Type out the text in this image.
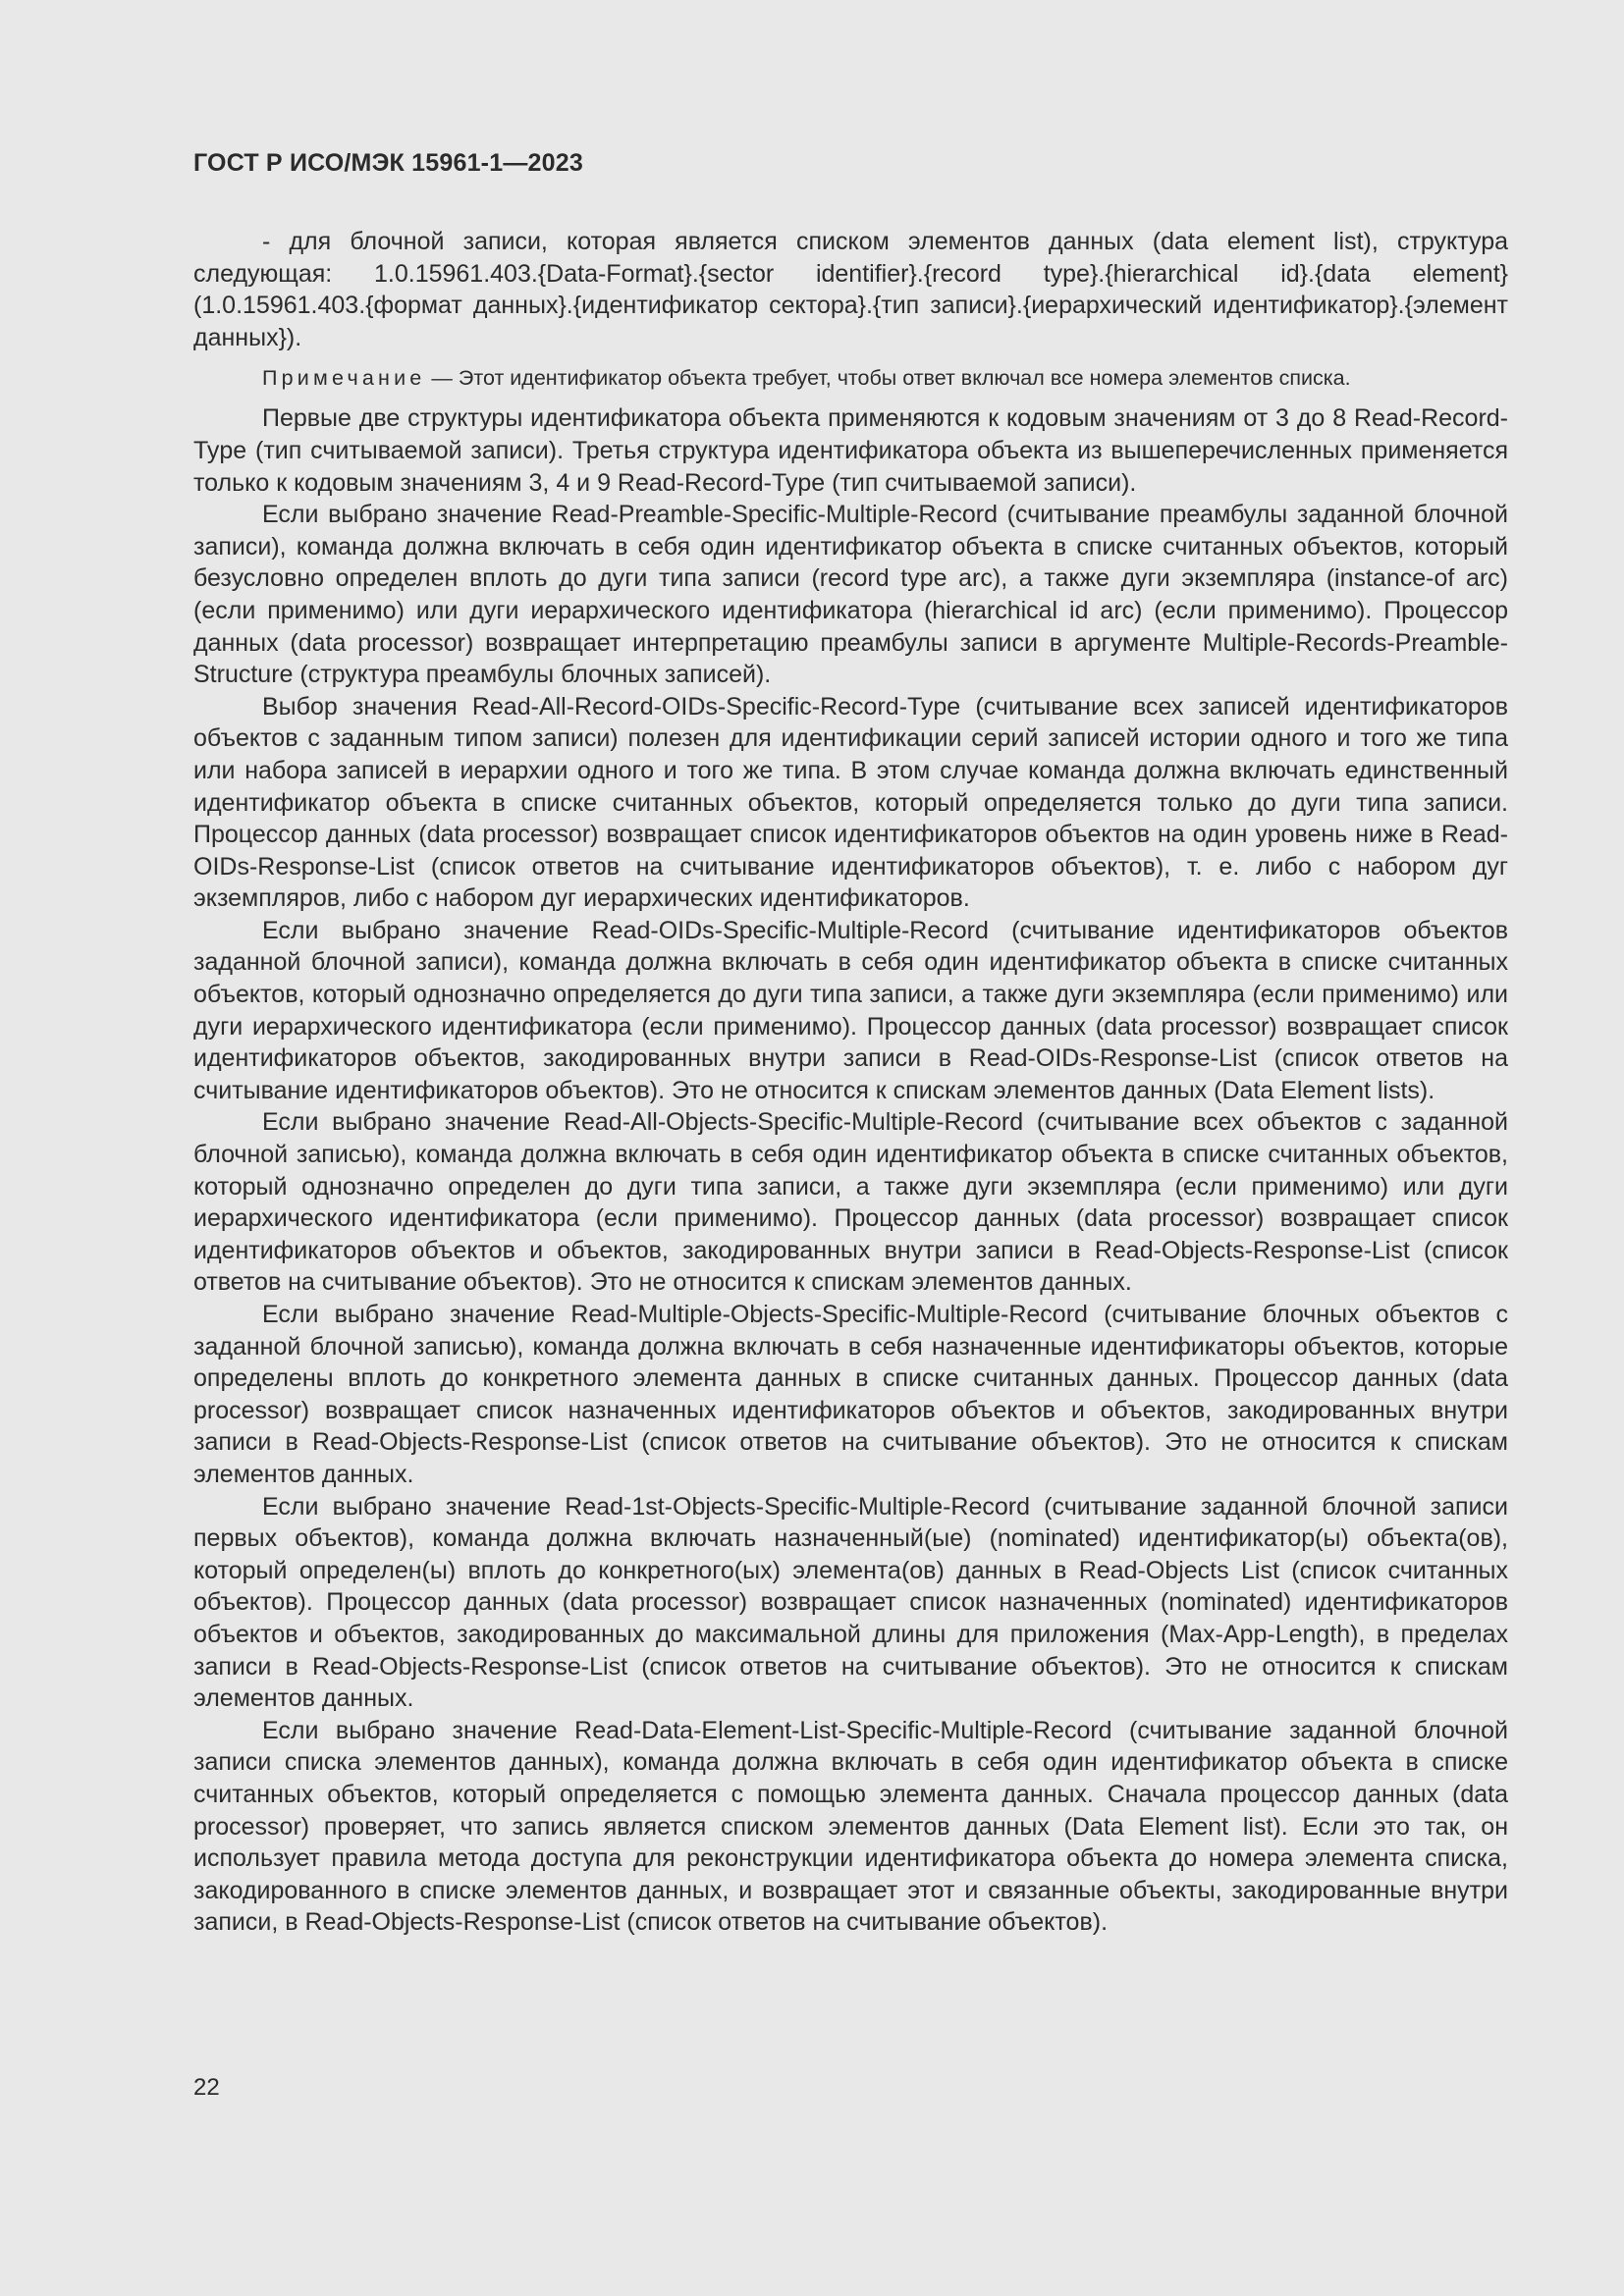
ГОСТ Р ИСО/МЭК 15961-1—2023

- для блочной записи, которая является списком элементов данных (data element list), структура следующая: 1.0.15961.403.{Data-Format}.{sector identifier}.{record type}.{hierarchical id}.{data element} (1.0.15961.403.{формат данных}.{идентификатор сектора}.{тип записи}.{иерархический идентификатор}.{элемент данных}).

Примечание — Этот идентификатор объекта требует, чтобы ответ включал все номера элементов списка.

Первые две структуры идентификатора объекта применяются к кодовым значениям от 3 до 8 Read-Record-Type (тип считываемой записи). Третья структура идентификатора объекта из вышеперечисленных применяется только к кодовым значениям 3, 4 и 9 Read-Record-Type (тип считываемой записи).

Если выбрано значение Read-Preamble-Specific-Multiple-Record (считывание преамбулы заданной блочной записи), команда должна включать в себя один идентификатор объекта в списке считанных объектов, который безусловно определен вплоть до дуги типа записи (record type arc), а также дуги экземпляра (instance-of arc) (если применимо) или дуги иерархического идентификатора (hierarchical id arc) (если применимо). Процессор данных (data processor) возвращает интерпретацию преамбулы записи в аргументе Multiple-Records-Preamble-Structure (структура преамбулы блочных записей).

Выбор значения Read-All-Record-OIDs-Specific-Record-Type (считывание всех записей идентификаторов объектов с заданным типом записи) полезен для идентификации серий записей истории одного и того же типа или набора записей в иерархии одного и того же типа. В этом случае команда должна включать единственный идентификатор объекта в списке считанных объектов, который определяется только до дуги типа записи. Процессор данных (data processor) возвращает список идентификаторов объектов на один уровень ниже в Read-OIDs-Response-List (список ответов на считывание идентификаторов объектов), т. е. либо с набором дуг экземпляров, либо с набором дуг иерархических идентификаторов.

Если выбрано значение Read-OIDs-Specific-Multiple-Record (считывание идентификаторов объектов заданной блочной записи), команда должна включать в себя один идентификатор объекта в списке считанных объектов, который однозначно определяется до дуги типа записи, а также дуги экземпляра (если применимо) или дуги иерархического идентификатора (если применимо). Процессор данных (data processor) возвращает список идентификаторов объектов, закодированных внутри записи в Read-OIDs-Response-List (список ответов на считывание идентификаторов объектов). Это не относится к спискам элементов данных (Data Element lists).

Если выбрано значение Read-All-Objects-Specific-Multiple-Record (считывание всех объектов с заданной блочной записью), команда должна включать в себя один идентификатор объекта в списке считанных объектов, который однозначно определен до дуги типа записи, а также дуги экземпляра (если применимо) или дуги иерархического идентификатора (если применимо). Процессор данных (data processor) возвращает список идентификаторов объектов и объектов, закодированных внутри записи в Read-Objects-Response-List (список ответов на считывание объектов). Это не относится к спискам элементов данных.

Если выбрано значение Read-Multiple-Objects-Specific-Multiple-Record (считывание блочных объектов с заданной блочной записью), команда должна включать в себя назначенные идентификаторы объектов, которые определены вплоть до конкретного элемента данных в списке считанных данных. Процессор данных (data processor) возвращает список назначенных идентификаторов объектов и объектов, закодированных внутри записи в Read-Objects-Response-List (список ответов на считывание объектов). Это не относится к спискам элементов данных.

Если выбрано значение Read-1st-Objects-Specific-Multiple-Record (считывание заданной блочной записи первых объектов), команда должна включать назначенный(ые) (nominated) идентификатор(ы) объекта(ов), который определен(ы) вплоть до конкретного(ых) элемента(ов) данных в Read-Objects List (список считанных объектов). Процессор данных (data processor) возвращает список назначенных (nominated) идентификаторов объектов и объектов, закодированных до максимальной длины для приложения (Max-App-Length), в пределах записи в Read-Objects-Response-List (список ответов на считывание объектов). Это не относится к спискам элементов данных.

Если выбрано значение Read-Data-Element-List-Specific-Multiple-Record (считывание заданной блочной записи списка элементов данных), команда должна включать в себя один идентификатор объекта в списке считанных объектов, который определяется с помощью элемента данных. Сначала процессор данных (data processor) проверяет, что запись является списком элементов данных (Data Element list). Если это так, он использует правила метода доступа для реконструкции идентификатора объекта до номера элемента списка, закодированного в списке элементов данных, и возвращает этот и связанные объекты, закодированные внутри записи, в Read-Objects-Response-List (список ответов на считывание объектов).

22
